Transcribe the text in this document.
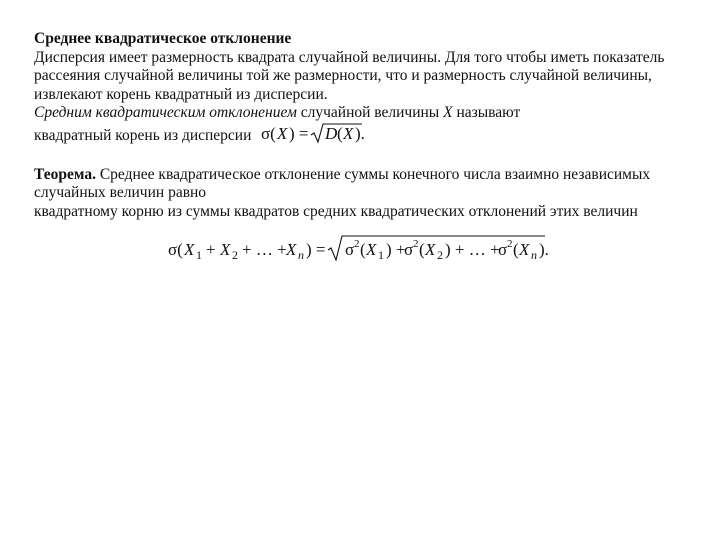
Среднее квадратическое отклонение
Дисперсия имеет размерность квадрата случайной величины. Для того чтобы иметь показатель
рассеяния случайной величины той же размерности, что и размерность случайной величины,
извлекают корень квадратный из дисперсии.
Средним квадратическим отклонением случайной величины X называют
квадратный корень из дисперсии σ( X ) = D ( X ).
Теорема. Среднее квадратическое отклонение суммы конечного числа взаимно независимых
случайных величин равно
квадратному корню из суммы квадратов средних квадратических отклонений этих величин
σ( X 1 + X 2 + … + X n ) = σ 2 ( X 1 ) +
σ 2 ( X 2 ) + … +
σ 2 ( X n ).
